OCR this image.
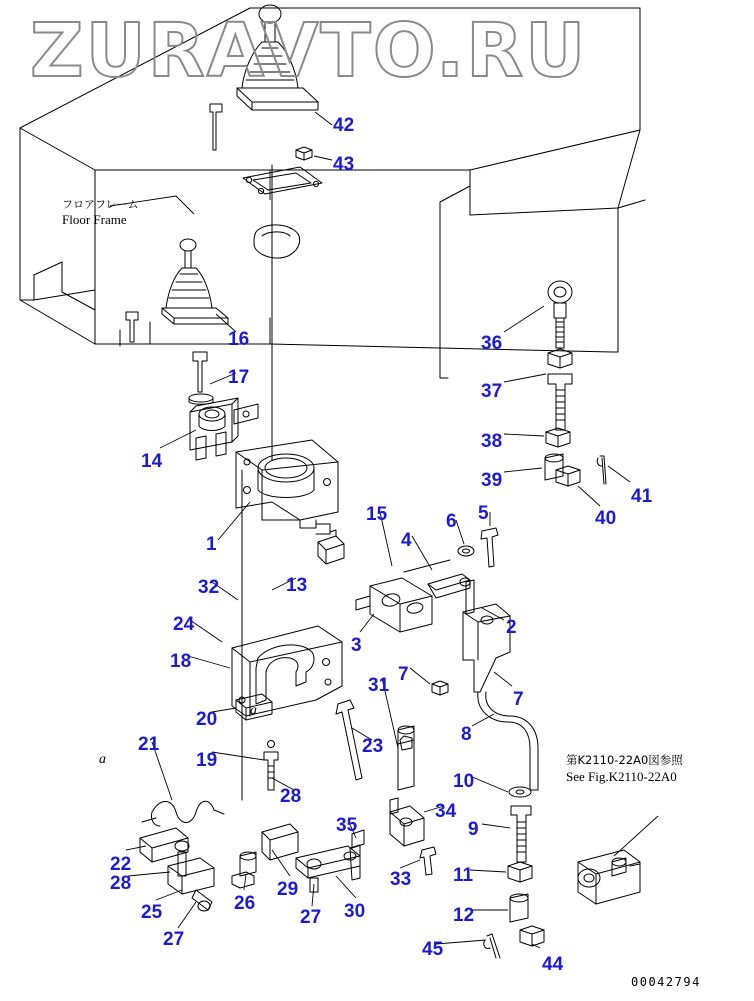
ZURAVTO.RU
フロアフレーム
Floor Frame
第K2110-22A0図参照
See Fig.K2110-22A0
a
a
00042794
42
43
16
17
14
36
37
38
39
40
41
1
15
4
6 5
13
32
24
18
3
2
7
7
31
8
20
19
21
22
23
28
28
25
27
26
29
27 30
35
34
33
10
9
11
12
45
44
